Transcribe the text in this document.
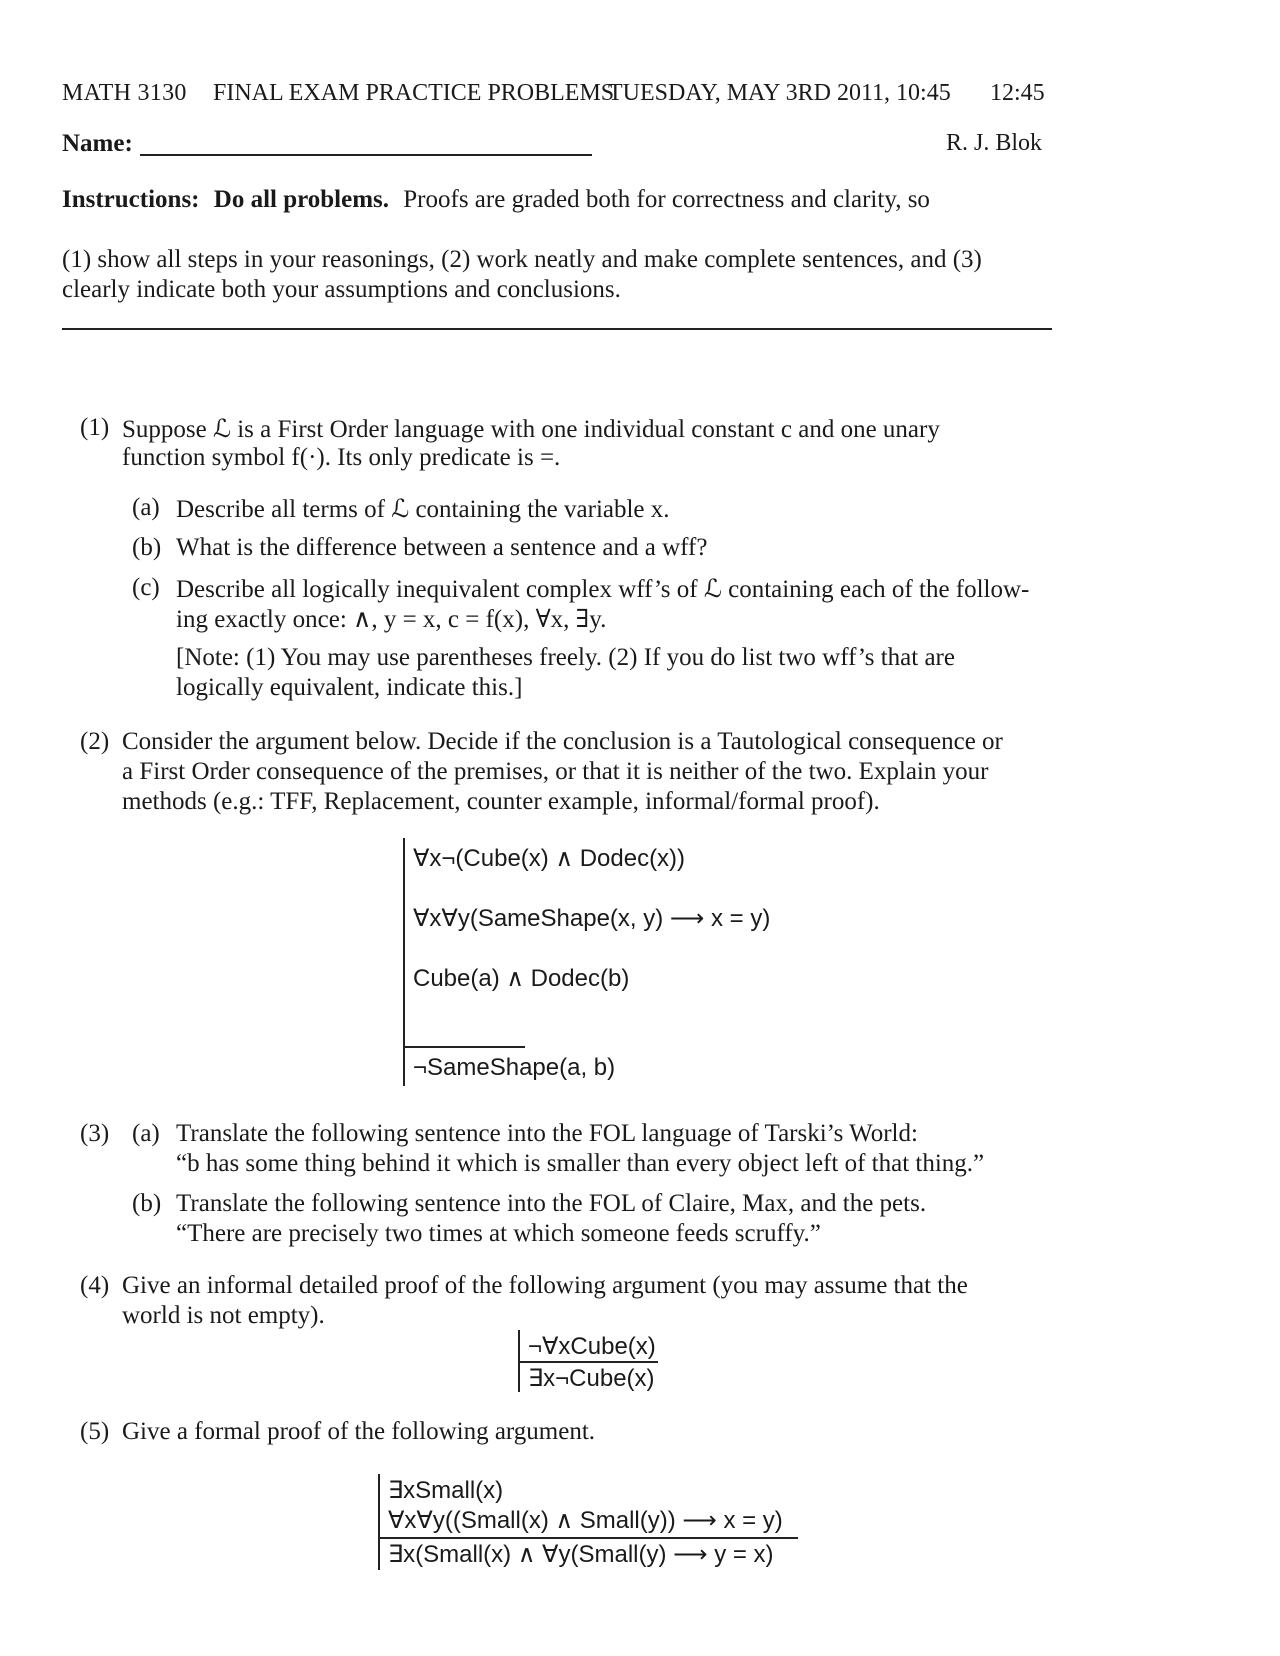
MATH 3130 FINAL EXAM PRACTICE PROBLEMS
TUESDAY, MAY 3RD 2011, 10:45 12:45
Name:	R. J. Blok
Instructions: Do all problems. Proofs are graded both for correctness and clarity, so
(1) show all steps in your reasonings, (2) work neatly and make complete sentences, and (3)
clearly indicate both your assumptions and conclusions.
(1) Suppose ℒ is a First Order language with one individual constant c and one unary
function symbol f(·). Its only predicate is =.
(a) Describe all terms of ℒ containing the variable x.
(b) What is the difference between a sentence and a wff?
(c) Describe all logically inequivalent complex wff’s of ℒ containing each of the follow-
ing exactly once: ∧, y = x, c = f(x), ∀x, ∃y.
[Note: (1) You may use parentheses freely. (2) If you do list two wff’s that are
logically equivalent, indicate this.]
(2) Consider the argument below. Decide if the conclusion is a Tautological consequence or
a First Order consequence of the premises, or that it is neither of the two. Explain your
methods (e.g.: TFF, Replacement, counter example, informal/formal proof).
∀x¬(Cube(x) ∧ Dodec(x))
∀x∀y(SameShape(x, y) ⟶ x = y)
Cube(a) ∧ Dodec(b)
¬SameShape(a, b)
(3) (a) Translate the following sentence into the FOL language of Tarski’s World:
“b has some thing behind it which is smaller than every object left of that thing.”
(b) Translate the following sentence into the FOL of Claire, Max, and the pets.
“There are precisely two times at which someone feeds scruffy.”
(4) Give an informal detailed proof of the following argument (you may assume that the
world is not empty).
¬∀xCube(x)
∃x¬Cube(x)
(5) Give a formal proof of the following argument.
∃xSmall(x)
∀x∀y((Small(x) ∧ Small(y)) ⟶ x = y)
∃x(Small(x) ∧ ∀y(Small(y) ⟶ y = x)
